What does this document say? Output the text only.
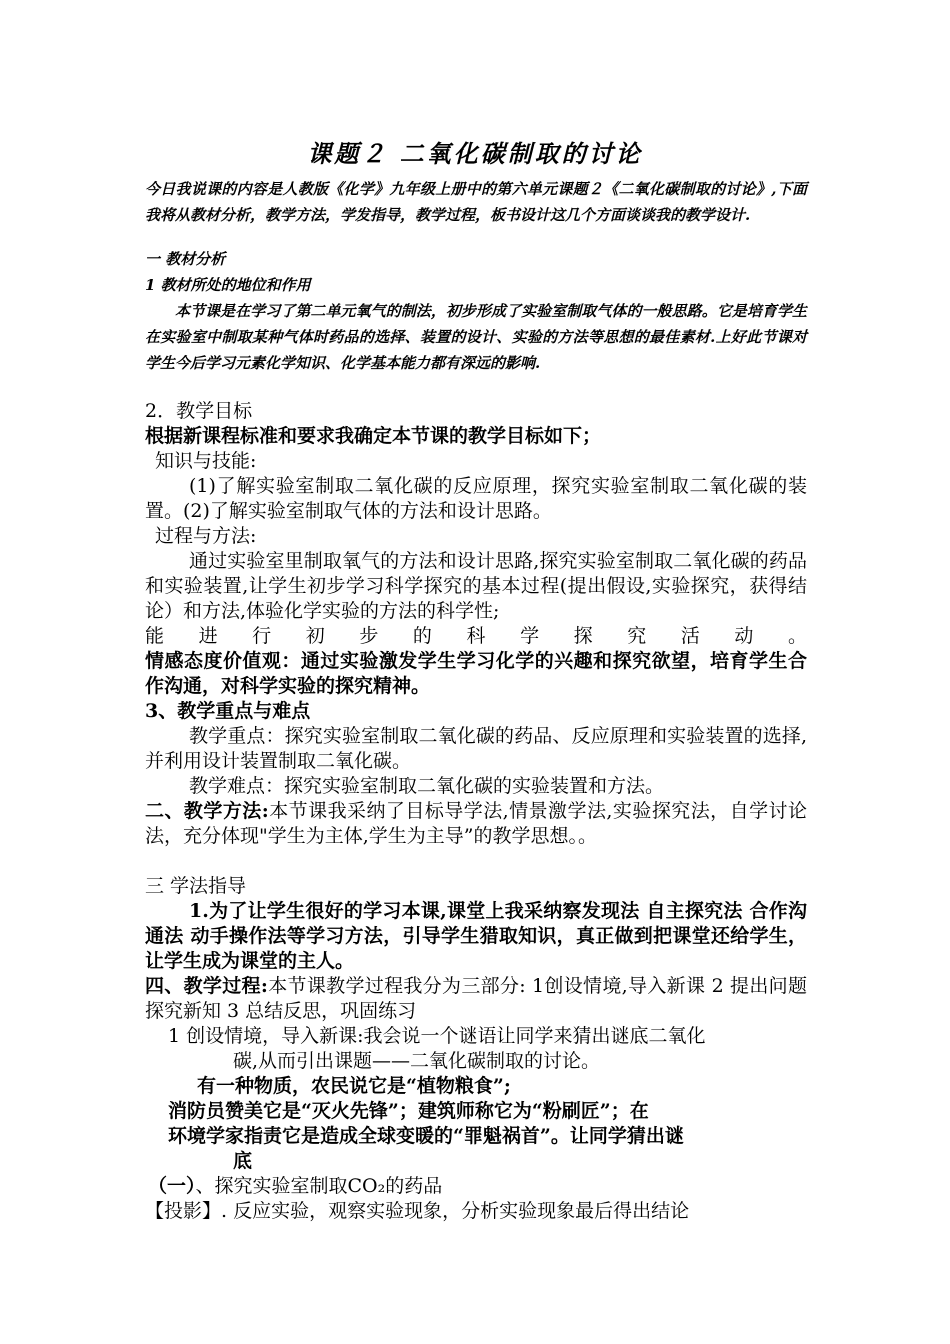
课题２ 二氧化碳制取的讨论

今日我说课的内容是人教版《化学》九年级上册中的第六单元课题２《二氧化碳制取的讨论》,下面我将从教材分析，教学方法，学发指导，教学过程，板书设计这几个方面谈谈我的教学设计.

一 教材分析

1 教材所处的地位和作用

本节课是在学习了第二单元氧气的制法，初步形成了实验室制取气体的一般思路。它是培育学生在实验室中制取某种气体时药品的选择、装置的设计、实验的方法等思想的最佳素材.上好此节课对学生今后学习元素化学知识、化学基本能力都有深远的影响.

2．教学目标

根据新课程标准和要求我确定本节课的教学目标如下；

知识与技能:

(1)了解实验室制取二氧化碳的反应原理，探究实验室制取二氧化碳的装置。(2)了解实验室制取气体的方法和设计思路。

过程与方法:

通过实验室里制取氧气的方法和设计思路,探究实验室制取二氧化碳的药品和实验装置,让学生初步学习科学探究的基本过程(提出假设,实验探究，获得结论）和方法,体验化学实验的方法的科学性;

能 进 行 初 步 的 科 学 探 究 活 动 。

情感态度价值观：通过实验激发学生学习化学的兴趣和探究欲望，培育学生合作沟通，对科学实验的探究精神。

3、教学重点与难点

教学重点：探究实验室制取二氧化碳的药品、反应原理和实验装置的选择,并利用设计装置制取二氧化碳。

教学难点：探究实验室制取二氧化碳的实验装置和方法。

二、教学方法:本节课我采纳了目标导学法,情景激学法,实验探究法，自学讨论法，充分体现"学生为主体,学生为主导”的教学思想。。

三 学法指导

1.为了让学生很好的学习本课,课堂上我采纳察发现法 自主探究法 合作沟通法 动手操作法等学习方法，引导学生猎取知识，真正做到把课堂还给学生，让学生成为课堂的主人。

四、教学过程:本节课教学过程我分为三部分: 1创设情境,导入新课 2 提出问题探究新知 3 总结反思，巩固练习

1 创设情境，导入新课:我会说一个谜语让同学来猜出谜底二氧化

碳,从而引出课题——二氧化碳制取的讨论。

有一种物质，农民说它是“植物粮食”;

消防员赞美它是“灭火先锋”；建筑师称它为“粉刷匠”；在

环境学家指责它是造成全球变暖的“罪魁祸首”。让同学猜出谜

底

（一）、探究实验室制取CO₂的药品

【投影】. 反应实验，观察实验现象，分析实验现象最后得出结论
